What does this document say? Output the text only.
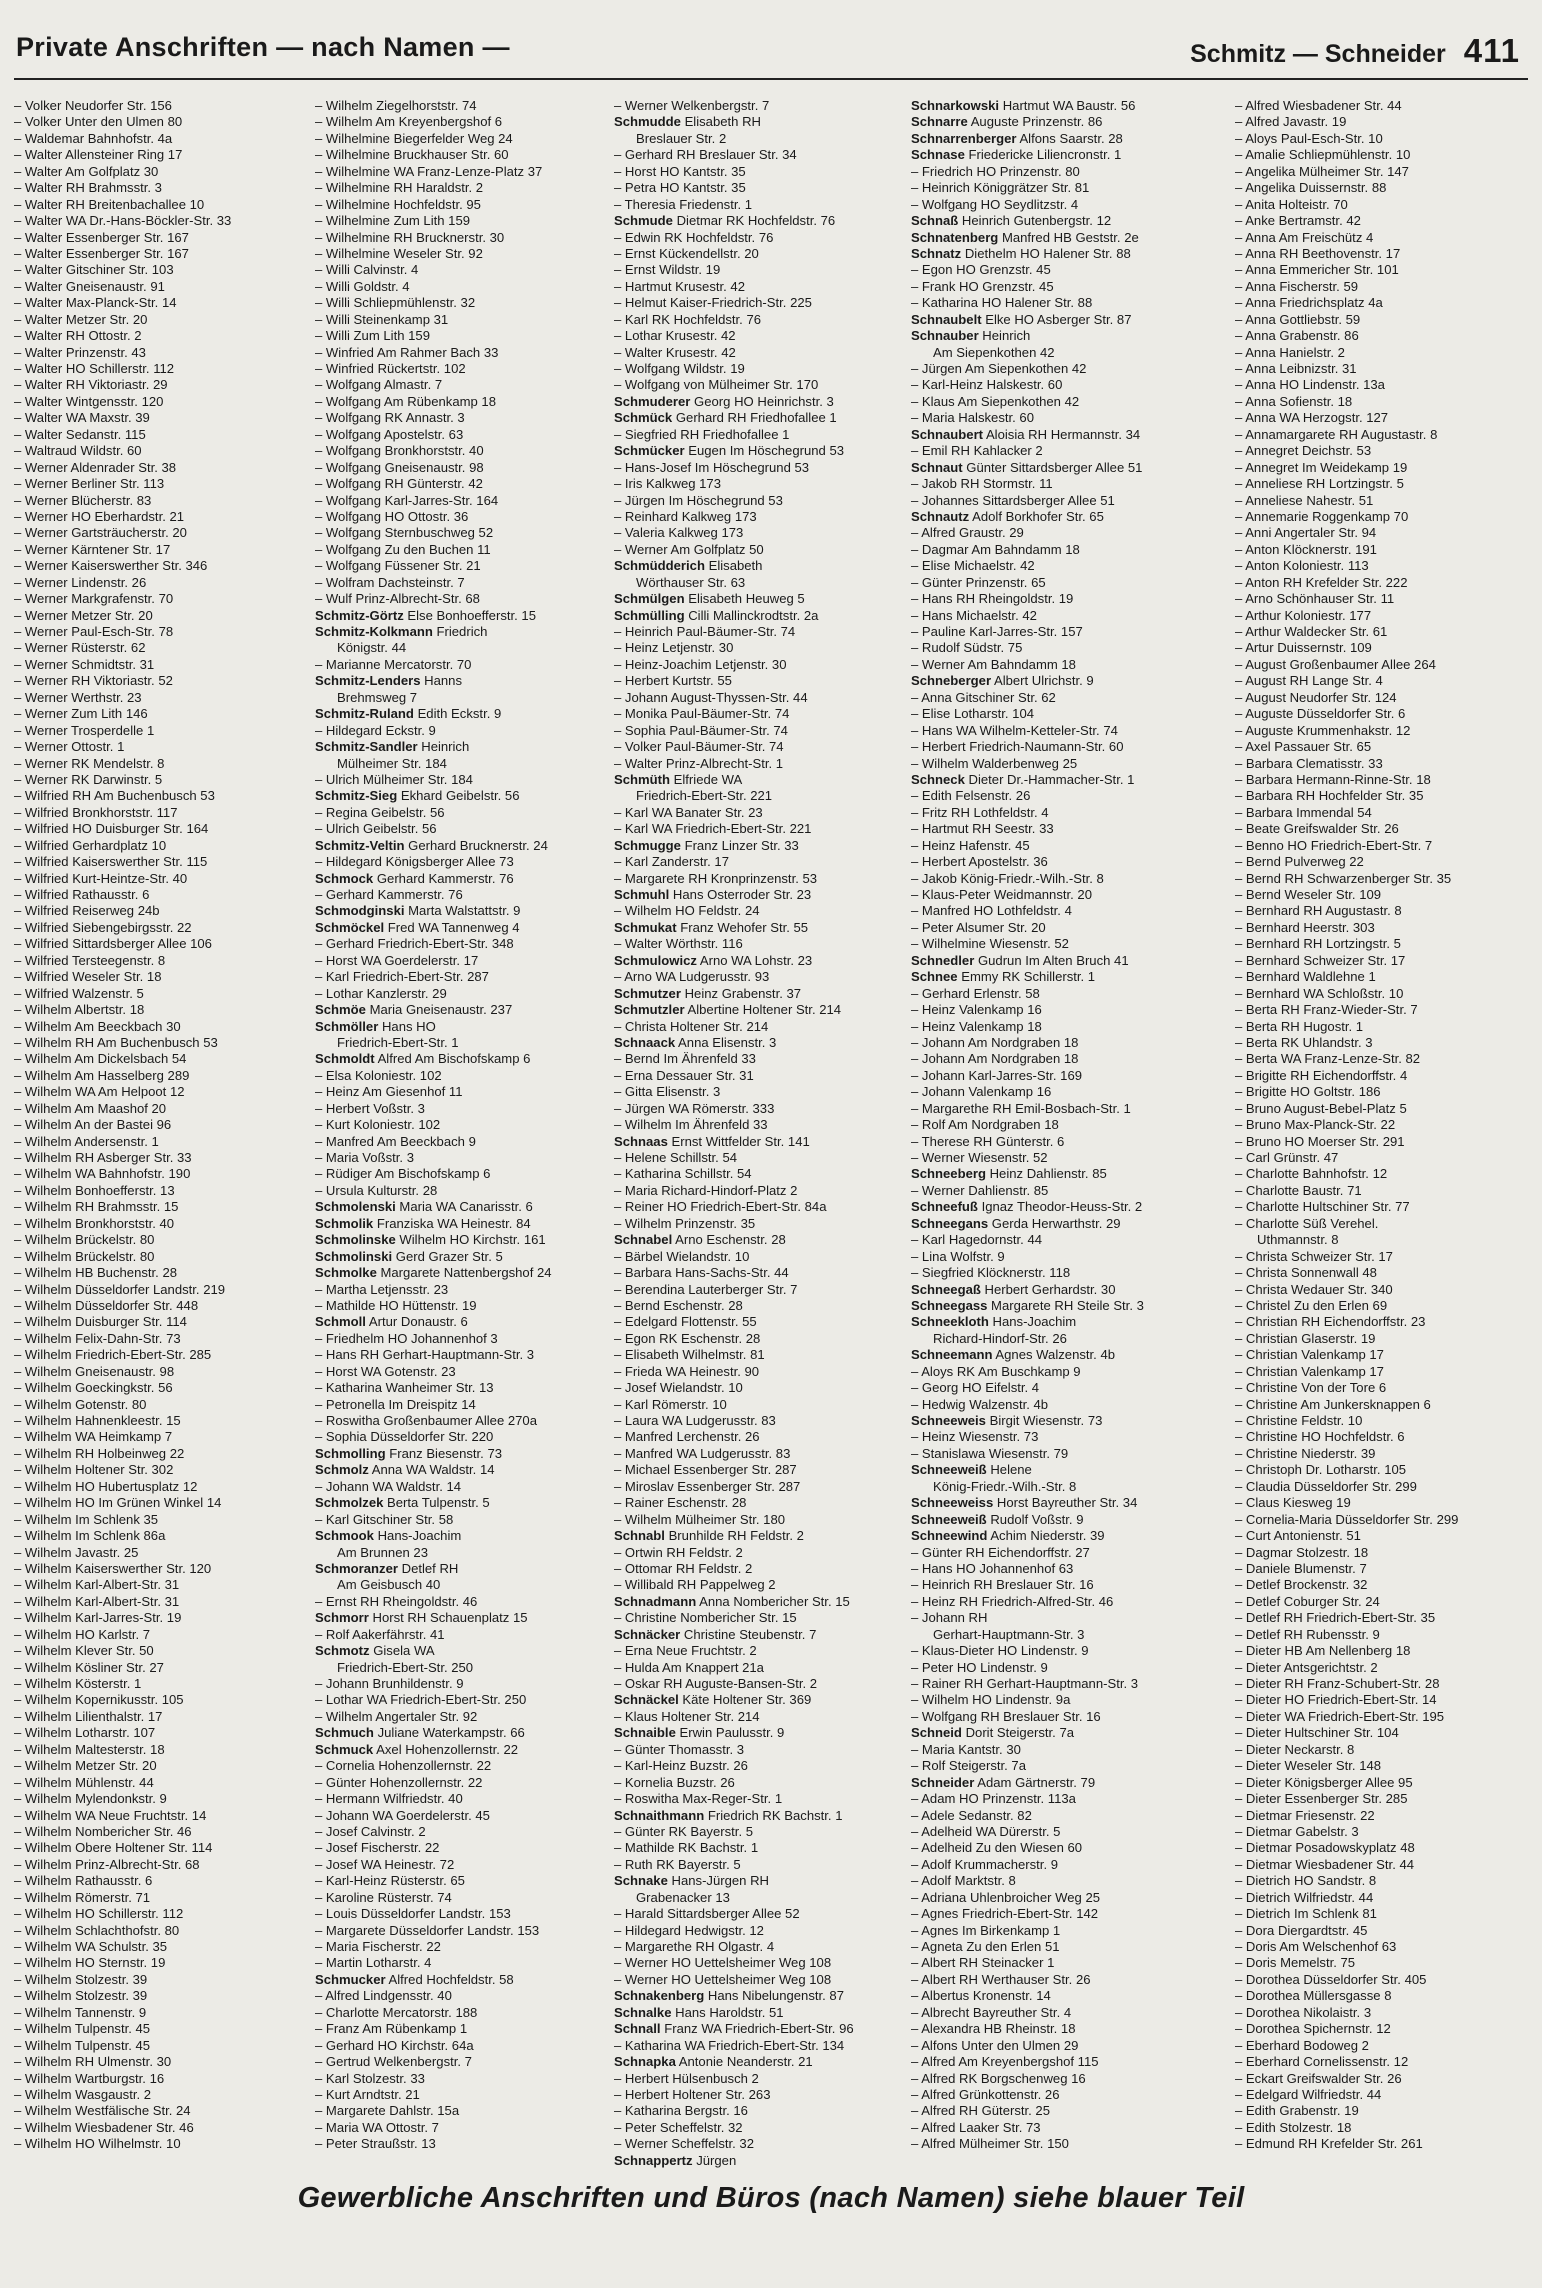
Private Anschriften — nach Namen —	Schmitz — Schneider 411
– Volker Neudorfer Str. 156
– Volker Unter den Ulmen 80
– Waldemar Bahnhofstr. 4a
– Walter Allensteiner Ring 17
– Walter Am Golfplatz 30
– Walter RH Brahmsstr. 3
– Walter RH Breitenbachallee 10
– Walter WA Dr.-Hans-Böckler-Str. 33
– Walter Essenberger Str. 167
– Walter Essenberger Str. 167
– Walter Gitschiner Str. 103
– Walter Gneisenaustr. 91
– Walter Max-Planck-Str. 14
– Walter Metzer Str. 20
– Walter RH Ottostr. 2
– Walter Prinzenstr. 43
– Walter HO Schillerstr. 112
– Walter RH Viktoriastr. 29
– Walter Wintgensstr. 120
– Walter WA Maxstr. 39
– Walter Sedanstr. 115
– Waltraud Wildstr. 60
– Werner Aldenrader Str. 38
– Werner Berliner Str. 113
– Werner Blücherstr. 83
– Werner HO Eberhardstr. 21
– Werner Gartsträucherstr. 20
– Werner Kärntener Str. 17
– Werner Kaiserswerther Str. 346
– Werner Lindenstr. 26
– Werner Markgrafenstr. 70
– Werner Metzer Str. 20
– Werner Paul-Esch-Str. 78
– Werner Rüsterstr. 62
– Werner Schmidtstr. 31
– Werner RH Viktoriastr. 52
– Werner Werthstr. 23
– Werner Zum Lith 146
– Werner Trosperdelle 1
– Werner Ottostr. 1
– Werner RK Mendelstr. 8
– Werner RK Darwinstr. 5
– Wilfried RH Am Buchenbusch 53
– Wilfried Bronkhorststr. 117
– Wilfried HO Duisburger Str. 164
– Wilfried Gerhardplatz 10
– Wilfried Kaiserswerther Str. 115
– Wilfried Kurt-Heintze-Str. 40
– Wilfried Rathausstr. 6
– Wilfried Reiserweg 24b
– Wilfried Siebengebirgsstr. 22
– Wilfried Sittardsberger Allee 106
– Wilfried Tersteegenstr. 8
– Wilfried Weseler Str. 18
– Wilfried Walzenstr. 5
– Wilhelm Albertstr. 18
– Wilhelm Am Beeckbach 30
– Wilhelm RH Am Buchenbusch 53
– Wilhelm Am Dickelsbach 54
– Wilhelm Am Hasselberg 289
– Wilhelm WA Am Helpoot 12
– Wilhelm Am Maashof 20
– Wilhelm An der Bastei 96
– Wilhelm Andersenstr. 1
– Wilhelm RH Asberger Str. 33
– Wilhelm WA Bahnhofstr. 190
– Wilhelm Bonhoefferstr. 13
– Wilhelm RH Brahmsstr. 15
– Wilhelm Bronkhorststr. 40
– Wilhelm Brückelstr. 80
– Wilhelm Brückelstr. 80
– Wilhelm HB Buchenstr. 28
– Wilhelm Düsseldorfer Landstr. 219
– Wilhelm Düsseldorfer Str. 448
– Wilhelm Duisburger Str. 114
– Wilhelm Felix-Dahn-Str. 73
– Wilhelm Friedrich-Ebert-Str. 285
– Wilhelm Gneisenaustr. 98
– Wilhelm Goeckingkstr. 56
– Wilhelm Gotenstr. 80
– Wilhelm Hahnenkleestr. 15
– Wilhelm WA Heimkamp 7
– Wilhelm RH Holbeinweg 22
– Wilhelm Holtener Str. 302
– Wilhelm HO Hubertusplatz 12
– Wilhelm HO Im Grünen Winkel 14
– Wilhelm Im Schlenk 35
– Wilhelm Im Schlenk 86a
– Wilhelm Javastr. 25
– Wilhelm Kaiserswerther Str. 120
– Wilhelm Karl-Albert-Str. 31
– Wilhelm Karl-Albert-Str. 31
– Wilhelm Karl-Jarres-Str. 19
– Wilhelm HO Karlstr. 7
– Wilhelm Klever Str. 50
– Wilhelm Kösliner Str. 27
– Wilhelm Kösterstr. 1
– Wilhelm Kopernikusstr. 105
– Wilhelm Lilienthalstr. 17
– Wilhelm Lotharstr. 107
– Wilhelm Maltesterstr. 18
– Wilhelm Metzer Str. 20
– Wilhelm Mühlenstr. 44
– Wilhelm Mylendonkstr. 9
– Wilhelm WA Neue Fruchtstr. 14
– Wilhelm Nombericher Str. 46
– Wilhelm Obere Holtener Str. 114
– Wilhelm Prinz-Albrecht-Str. 68
– Wilhelm Rathausstr. 6
– Wilhelm Römerstr. 71
– Wilhelm HO Schillerstr. 112
– Wilhelm Schlachthofstr. 80
– Wilhelm WA Schulstr. 35
– Wilhelm HO Sternstr. 19
– Wilhelm Stolzestr. 39
– Wilhelm Stolzestr. 39
– Wilhelm Tannenstr. 9
– Wilhelm Tulpenstr. 45
– Wilhelm Tulpenstr. 45
– Wilhelm RH Ulmenstr. 30
– Wilhelm Wartburgstr. 16
– Wilhelm Wasgaustr. 2
– Wilhelm Westfälische Str. 24
– Wilhelm Wiesbadener Str. 46
– Wilhelm HO Wilhelmstr. 10
– Wilhelm Ziegelhorststr. 74
– Wilhelm Am Kreyenbergshof 6
– Wilhelmine Biegerfelder Weg 24
– Wilhelmine Bruckhauser Str. 60
– Wilhelmine WA Franz-Lenze-Platz 37
– Wilhelmine RH Haraldstr. 2
– Wilhelmine Hochfeldstr. 95
– Wilhelmine Zum Lith 159
– Wilhelmine RH Brucknerstr. 30
– Wilhelmine Weseler Str. 92
– Willi Calvinstr. 4
– Willi Goldstr. 4
– Willi Schliepmühlenstr. 32
– Willi Steinenkamp 31
– Willi Zum Lith 159
– Winfried Am Rahmer Bach 33
– Winfried Rückertstr. 102
– Wolfgang Almastr. 7
– Wolfgang Am Rübenkamp 18
– Wolfgang RK Annastr. 3
– Wolfgang Apostelstr. 63
– Wolfgang Bronkhorststr. 40
– Wolfgang Gneisenaustr. 98
– Wolfgang RH Günterstr. 42
– Wolfgang Karl-Jarres-Str. 164
– Wolfgang HO Ottostr. 36
– Wolfgang Sternbuschweg 52
– Wolfgang Zu den Buchen 11
– Wolfgang Füssener Str. 21
– Wolfram Dachsteinstr. 7
– Wulf Prinz-Albrecht-Str. 68
Schmitz-Görtz Else Bonhoefferstr. 15
Schmitz-Kolkmann Friedrich
Königstr. 44
– Marianne Mercatorstr. 70
Schmitz-Lenders Hanns
Brehmsweg 7
Schmitz-Ruland Edith Eckstr. 9
– Hildegard Eckstr. 9
Schmitz-Sandler Heinrich
Mülheimer Str. 184
– Ulrich Mülheimer Str. 184
Schmitz-Sieg Ekhard Geibelstr. 56
– Regina Geibelstr. 56
– Ulrich Geibelstr. 56
Schmitz-Veltin Gerhard Brucknerstr. 24
– Hildegard Königsberger Allee 73
Schmock Gerhard Kammerstr. 76
– Gerhard Kammerstr. 76
Schmodginski Marta Walstattstr. 9
Schmöckel Fred WA Tannenweg 4
– Gerhard Friedrich-Ebert-Str. 348
– Horst WA Goerdelerstr. 17
– Karl Friedrich-Ebert-Str. 287
– Lothar Kanzlerstr. 29
Schmöe Maria Gneisenaustr. 237
Schmöller Hans HO
Friedrich-Ebert-Str. 1
Schmoldt Alfred Am Bischofskamp 6
– Elsa Koloniestr. 102
– Heinz Am Giesenhof 11
– Herbert Voßstr. 3
– Kurt Koloniestr. 102
– Manfred Am Beeckbach 9
– Maria Voßstr. 3
– Rüdiger Am Bischofskamp 6
– Ursula Kulturstr. 28
Schmolenski Maria WA Canarisstr. 6
Schmolik Franziska WA Heinestr. 84
Schmolinske Wilhelm HO Kirchstr. 161
Schmolinski Gerd Grazer Str. 5
Schmolke Margarete Nattenbergshof 24
– Martha Letjensstr. 23
– Mathilde HO Hüttenstr. 19
Schmoll Artur Donaustr. 6
– Friedhelm HO Johannenhof 3
– Hans RH Gerhart-Hauptmann-Str. 3
– Horst WA Gotenstr. 23
– Katharina Wanheimer Str. 13
– Petronella Im Dreispitz 14
– Roswitha Großenbaumer Allee 270a
– Sophia Düsseldorfer Str. 220
Schmolling Franz Biesenstr. 73
Schmolz Anna WA Waldstr. 14
– Johann WA Waldstr. 14
Schmolzek Berta Tulpenstr. 5
– Karl Gitschiner Str. 58
Schmook Hans-Joachim
Am Brunnen 23
Schmoranzer Detlef RH
Am Geisbusch 40
– Ernst RH Rheingoldstr. 46
Schmorr Horst RH Schauenplatz 15
– Rolf Aakerfährstr. 41
Schmotz Gisela WA
Friedrich-Ebert-Str. 250
– Johann Brunhildenstr. 9
– Lothar WA Friedrich-Ebert-Str. 250
– Wilhelm Angertaler Str. 92
Schmuch Juliane Waterkampstr. 66
Schmuck Axel Hohenzollernstr. 22
– Cornelia Hohenzollernstr. 22
– Günter Hohenzollernstr. 22
– Hermann Wilfriedstr. 40
– Johann WA Goerdelerstr. 45
– Josef Calvinstr. 2
– Josef Fischerstr. 22
– Josef WA Heinestr. 72
– Karl-Heinz Rüsterstr. 65
– Karoline Rüsterstr. 74
– Louis Düsseldorfer Landstr. 153
– Margarete Düsseldorfer Landstr. 153
– Maria Fischerstr. 22
– Martin Lotharstr. 4
Schmucker Alfred Hochfeldstr. 58
– Alfred Lindgensstr. 40
– Charlotte Mercatorstr. 188
– Franz Am Rübenkamp 1
– Gerhard HO Kirchstr. 64a
– Gertrud Welkenbergstr. 7
– Karl Stolzestr. 33
– Kurt Arndtstr. 21
– Margarete Dahlstr. 15a
– Maria WA Ottostr. 7
– Peter Straußstr. 13
– Werner Welkenbergstr. 7
Schmudde Elisabeth RH
Breslauer Str. 2
– Gerhard RH Breslauer Str. 34
– Horst HO Kantstr. 35
– Petra HO Kantstr. 35
– Theresia Friedenstr. 1
Schmude Dietmar RK Hochfeldstr. 76
– Edwin RK Hochfeldstr. 76
– Ernst Kückendellstr. 20
– Ernst Wildstr. 19
– Hartmut Krusestr. 42
– Helmut Kaiser-Friedrich-Str. 225
– Karl RK Hochfeldstr. 76
– Lothar Krusestr. 42
– Walter Krusestr. 42
– Wolfgang Wildstr. 19
– Wolfgang von Mülheimer Str. 170
Schmuderer Georg HO Heinrichstr. 3
Schmück Gerhard RH Friedhofallee 1
– Siegfried RH Friedhofallee 1
Schmücker Eugen Im Höschegrund 53
– Hans-Josef Im Höschegrund 53
– Iris Kalkweg 173
– Jürgen Im Höschegrund 53
– Reinhard Kalkweg 173
– Valeria Kalkweg 173
– Werner Am Golfplatz 50
Schmüdderich Elisabeth
Wörthauser Str. 63
Schmülgen Elisabeth Heuweg 5
Schmülling Cilli Mallinckrodtstr. 2a
– Heinrich Paul-Bäumer-Str. 74
– Heinz Letjenstr. 30
– Heinz-Joachim Letjenstr. 30
– Herbert Kurtstr. 55
– Johann August-Thyssen-Str. 44
– Monika Paul-Bäumer-Str. 74
– Sophia Paul-Bäumer-Str. 74
– Volker Paul-Bäumer-Str. 74
– Walter Prinz-Albrecht-Str. 1
Schmüth Elfriede WA
Friedrich-Ebert-Str. 221
– Karl WA Banater Str. 23
– Karl WA Friedrich-Ebert-Str. 221
Schmugge Franz Linzer Str. 33
– Karl Zanderstr. 17
– Margarete RH Kronprinzenstr. 53
Schmuhl Hans Osterroder Str. 23
– Wilhelm HO Feldstr. 24
Schmukat Franz Wehofer Str. 55
– Walter Wörthstr. 116
Schmulowicz Arno WA Lohstr. 23
– Arno WA Ludgerusstr. 93
Schmutzer Heinz Grabenstr. 37
Schmutzler Albertine Holtener Str. 214
– Christa Holtener Str. 214
Schnaack Anna Elisenstr. 3
– Bernd Im Ährenfeld 33
– Erna Dessauer Str. 31
– Gitta Elisenstr. 3
– Jürgen WA Römerstr. 333
– Wilhelm Im Ährenfeld 33
Schnaas Ernst Wittfelder Str. 141
– Helene Schillstr. 54
– Katharina Schillstr. 54
– Maria Richard-Hindorf-Platz 2
– Reiner HO Friedrich-Ebert-Str. 84a
– Wilhelm Prinzenstr. 35
Schnabel Arno Eschenstr. 28
– Bärbel Wielandstr. 10
– Barbara Hans-Sachs-Str. 44
– Berendina Lauterberger Str. 7
– Bernd Eschenstr. 28
– Edelgard Flottenstr. 55
– Egon RK Eschenstr. 28
– Elisabeth Wilhelmstr. 81
– Frieda WA Heinestr. 90
– Josef Wielandstr. 10
– Karl Römerstr. 10
– Laura WA Ludgerusstr. 83
– Manfred Lerchenstr. 26
– Manfred WA Ludgerusstr. 83
– Michael Essenberger Str. 287
– Miroslav Essenberger Str. 287
– Rainer Eschenstr. 28
– Wilhelm Mülheimer Str. 180
Schnabl Brunhilde RH Feldstr. 2
– Ortwin RH Feldstr. 2
– Ottomar RH Feldstr. 2
– Willibald RH Pappelweg 2
Schnadmann Anna Nombericher Str. 15
– Christine Nombericher Str. 15
Schnäcker Christine Steubenstr. 7
– Erna Neue Fruchtstr. 2
– Hulda Am Knappert 21a
– Oskar RH Auguste-Bansen-Str. 2
Schnäckel Käte Holtener Str. 369
– Klaus Holtener Str. 214
Schnaible Erwin Paulusstr. 9
– Günter Thomasstr. 3
– Karl-Heinz Buzstr. 26
– Kornelia Buzstr. 26
– Roswitha Max-Reger-Str. 1
Schnaithmann Friedrich RK Bachstr. 1
– Günter RK Bayerstr. 5
– Mathilde RK Bachstr. 1
– Ruth RK Bayerstr. 5
Schnake Hans-Jürgen RH
Grabenacker 13
– Harald Sittardsberger Allee 52
– Hildegard Hedwigstr. 12
– Margarethe RH Olgastr. 4
– Werner HO Uettelsheimer Weg 108
– Werner HO Uettelsheimer Weg 108
Schnakenberg Hans Nibelungenstr. 87
Schnalke Hans Haroldstr. 51
Schnall Franz WA Friedrich-Ebert-Str. 96
– Katharina WA Friedrich-Ebert-Str. 134
Schnapka Antonie Neanderstr. 21
– Herbert Hülsenbusch 2
– Herbert Holtener Str. 263
– Katharina Bergstr. 16
– Peter Scheffelstr. 32
– Werner Scheffelstr. 32
Schnappertz Jürgen
Schnarkowski Hartmut WA Baustr. 56
Schnarre Auguste Prinzenstr. 86
Schnarrenberger Alfons Saarstr. 28
Schnase Friedericke Liliencronstr. 1
– Friedrich HO Prinzenstr. 80
– Heinrich Königgrätzer Str. 81
– Wolfgang HO Seydlitzstr. 4
Schnaß Heinrich Gutenbergstr. 12
Schnatenberg Manfred HB Geststr. 2e
Schnatz Diethelm HO Halener Str. 88
– Egon HO Grenzstr. 45
– Frank HO Grenzstr. 45
– Katharina HO Halener Str. 88
Schnaubelt Elke HO Asberger Str. 87
Schnauber Heinrich
Am Siepenkothen 42
– Jürgen Am Siepenkothen 42
– Karl-Heinz Halskestr. 60
– Klaus Am Siepenkothen 42
– Maria Halskestr. 60
Schnaubert Aloisia RH Hermannstr. 34
– Emil RH Kahlacker 2
Schnaut Günter Sittardsberger Allee 51
– Jakob RH Stormstr. 11
– Johannes Sittardsberger Allee 51
Schnautz Adolf Borkhofer Str. 65
– Alfred Graustr. 29
– Dagmar Am Bahndamm 18
– Elise Michaelstr. 42
– Günter Prinzenstr. 65
– Hans RH Rheingoldstr. 19
– Hans Michaelstr. 42
– Pauline Karl-Jarres-Str. 157
– Rudolf Südstr. 75
– Werner Am Bahndamm 18
Schneberger Albert Ulrichstr. 9
– Anna Gitschiner Str. 62
– Elise Lotharstr. 104
– Hans WA Wilhelm-Ketteler-Str. 74
– Herbert Friedrich-Naumann-Str. 60
– Wilhelm Walderbenweg 25
Schneck Dieter Dr.-Hammacher-Str. 1
– Edith Felsenstr. 26
– Fritz RH Lothfeldstr. 4
– Hartmut RH Seestr. 33
– Heinz Hafenstr. 45
– Herbert Apostelstr. 36
– Jakob König-Friedr.-Wilh.-Str. 8
– Klaus-Peter Weidmannstr. 20
– Manfred HO Lothfeldstr. 4
– Peter Alsumer Str. 20
– Wilhelmine Wiesenstr. 52
Schnedler Gudrun Im Alten Bruch 41
Schnee Emmy RK Schillerstr. 1
– Gerhard Erlenstr. 58
– Heinz Valenkamp 16
– Heinz Valenkamp 18
– Johann Am Nordgraben 18
– Johann Am Nordgraben 18
– Johann Karl-Jarres-Str. 169
– Johann Valenkamp 16
– Margarethe RH Emil-Bosbach-Str. 1
– Rolf Am Nordgraben 18
– Therese RH Günterstr. 6
– Werner Wiesenstr. 52
Schneeberg Heinz Dahlienstr. 85
– Werner Dahlienstr. 85
Schneefuß Ignaz Theodor-Heuss-Str. 2
Schneegans Gerda Herwarthstr. 29
– Karl Hagedornstr. 44
– Lina Wolfstr. 9
– Siegfried Klöcknerstr. 118
Schneegaß Herbert Gerhardstr. 30
Schneegass Margarete RH Steile Str. 3
Schneekloth Hans-Joachim
Richard-Hindorf-Str. 26
Schneemann Agnes Walzenstr. 4b
– Aloys RK Am Buschkamp 9
– Georg HO Eifelstr. 4
– Hedwig Walzenstr. 4b
Schneeweis Birgit Wiesenstr. 73
– Heinz Wiesenstr. 73
– Stanislawa Wiesenstr. 79
Schneeweiß Helene
König-Friedr.-Wilh.-Str. 8
Schneeweiss Horst Bayreuther Str. 34
Schneeweiß Rudolf Voßstr. 9
Schneewind Achim Niederstr. 39
– Günter RH Eichendorffstr. 27
– Hans HO Johannenhof 63
– Heinrich RH Breslauer Str. 16
– Heinz RH Friedrich-Alfred-Str. 46
– Johann RH
Gerhart-Hauptmann-Str. 3
– Klaus-Dieter HO Lindenstr. 9
– Peter HO Lindenstr. 9
– Rainer RH Gerhart-Hauptmann-Str. 3
– Wilhelm HO Lindenstr. 9a
– Wolfgang RH Breslauer Str. 16
Schneid Dorit Steigerstr. 7a
– Maria Kantstr. 30
– Rolf Steigerstr. 7a
Schneider Adam Gärtnerstr. 79
– Adam HO Prinzenstr. 113a
– Adele Sedanstr. 82
– Adelheid WA Dürerstr. 5
– Adelheid Zu den Wiesen 60
– Adolf Krummacherstr. 9
– Adolf Marktstr. 8
– Adriana Uhlenbroicher Weg 25
– Agnes Friedrich-Ebert-Str. 142
– Agnes Im Birkenkamp 1
– Agneta Zu den Erlen 51
– Albert RH Steinacker 1
– Albert RH Werthauser Str. 26
– Albertus Kronenstr. 14
– Albrecht Bayreuther Str. 4
– Alexandra HB Rheinstr. 18
– Alfons Unter den Ulmen 29
– Alfred Am Kreyenbergshof 115
– Alfred RK Borgschenweg 16
– Alfred Grünkottenstr. 26
– Alfred RH Güterstr. 25
– Alfred Laaker Str. 73
– Alfred Mülheimer Str. 150
– Alfred Wiesbadener Str. 44
– Alfred Javastr. 19
– Aloys Paul-Esch-Str. 10
– Amalie Schliepmühlenstr. 10
– Angelika Mülheimer Str. 147
– Angelika Duissernstr. 88
– Anita Holteistr. 70
– Anke Bertramstr. 42
– Anna Am Freischütz 4
– Anna RH Beethovenstr. 17
– Anna Emmericher Str. 101
– Anna Fischerstr. 59
– Anna Friedrichsplatz 4a
– Anna Gottliebstr. 59
– Anna Grabenstr. 86
– Anna Hanielstr. 2
– Anna Leibnizstr. 31
– Anna HO Lindenstr. 13a
– Anna Sofienstr. 18
– Anna WA Herzogstr. 127
– Annamargarete RH Augustastr. 8
– Annegret Deichstr. 53
– Annegret Im Weidekamp 19
– Anneliese RH Lortzingstr. 5
– Anneliese Nahestr. 51
– Annemarie Roggenkamp 70
– Anni Angertaler Str. 94
– Anton Klöcknerstr. 191
– Anton Koloniestr. 113
– Anton RH Krefelder Str. 222
– Arno Schönhauser Str. 11
– Arthur Koloniestr. 177
– Arthur Waldecker Str. 61
– Artur Duissernstr. 109
– August Großenbaumer Allee 264
– August RH Lange Str. 4
– August Neudorfer Str. 124
– Auguste Düsseldorfer Str. 6
– Auguste Krummenhakstr. 12
– Axel Passauer Str. 65
– Barbara Clematisstr. 33
– Barbara Hermann-Rinne-Str. 18
– Barbara RH Hochfelder Str. 35
– Barbara Immendal 54
– Beate Greifswalder Str. 26
– Benno HO Friedrich-Ebert-Str. 7
– Bernd Pulverweg 22
– Bernd RH Schwarzenberger Str. 35
– Bernd Weseler Str. 109
– Bernhard RH Augustastr. 8
– Bernhard Heerstr. 303
– Bernhard RH Lortzingstr. 5
– Bernhard Schweizer Str. 17
– Bernhard Waldlehne 1
– Bernhard WA Schloßstr. 10
– Berta RH Franz-Wieder-Str. 7
– Berta RH Hugostr. 1
– Berta RK Uhlandstr. 3
– Berta WA Franz-Lenze-Str. 82
– Brigitte RH Eichendorffstr. 4
– Brigitte HO Goltstr. 186
– Bruno August-Bebel-Platz 5
– Bruno Max-Planck-Str. 22
– Bruno HO Moerser Str. 291
– Carl Grünstr. 47
– Charlotte Bahnhofstr. 12
– Charlotte Baustr. 71
– Charlotte Hultschiner Str. 77
– Charlotte Süß Verehel.
Uthmannstr. 8
– Christa Schweizer Str. 17
– Christa Sonnenwall 48
– Christa Wedauer Str. 340
– Christel Zu den Erlen 69
– Christian RH Eichendorffstr. 23
– Christian Glaserstr. 19
– Christian Valenkamp 17
– Christian Valenkamp 17
– Christine Von der Tore 6
– Christine Am Junkersknappen 6
– Christine Feldstr. 10
– Christine HO Hochfeldstr. 6
– Christine Niederstr. 39
– Christoph Dr. Lotharstr. 105
– Claudia Düsseldorfer Str. 299
– Claus Kiesweg 19
– Cornelia-Maria Düsseldorfer Str. 299
– Curt Antonienstr. 51
– Dagmar Stolzestr. 18
– Daniele Blumenstr. 7
– Detlef Brockenstr. 32
– Detlef Coburger Str. 24
– Detlef RH Friedrich-Ebert-Str. 35
– Detlef RH Rubensstr. 9
– Dieter HB Am Nellenberg 18
– Dieter Antsgerichtstr. 2
– Dieter RH Franz-Schubert-Str. 28
– Dieter HO Friedrich-Ebert-Str. 14
– Dieter WA Friedrich-Ebert-Str. 195
– Dieter Hultschiner Str. 104
– Dieter Neckarstr. 8
– Dieter Weseler Str. 148
– Dieter Königsberger Allee 95
– Dieter Essenberger Str. 285
– Dietmar Friesenstr. 22
– Dietmar Gabelstr. 3
– Dietmar Posadowskyplatz 48
– Dietmar Wiesbadener Str. 44
– Dietrich HO Sandstr. 8
– Dietrich Wilfriedstr. 44
– Dietrich Im Schlenk 81
– Dora Diergardtstr. 45
– Doris Am Welschenhof 63
– Doris Memelstr. 75
– Dorothea Düsseldorfer Str. 405
– Dorothea Müllersgasse 8
– Dorothea Nikolaistr. 3
– Dorothea Spichernstr. 12
– Eberhard Bodoweg 2
– Eberhard Cornelissenstr. 12
– Eckart Greifswalder Str. 26
– Edelgard Wilfriedstr. 44
– Edith Grabenstr. 19
– Edith Stolzestr. 18
– Edmund RH Krefelder Str. 261
Gewerbliche Anschriften und Büros (nach Namen) siehe blauer Teil
